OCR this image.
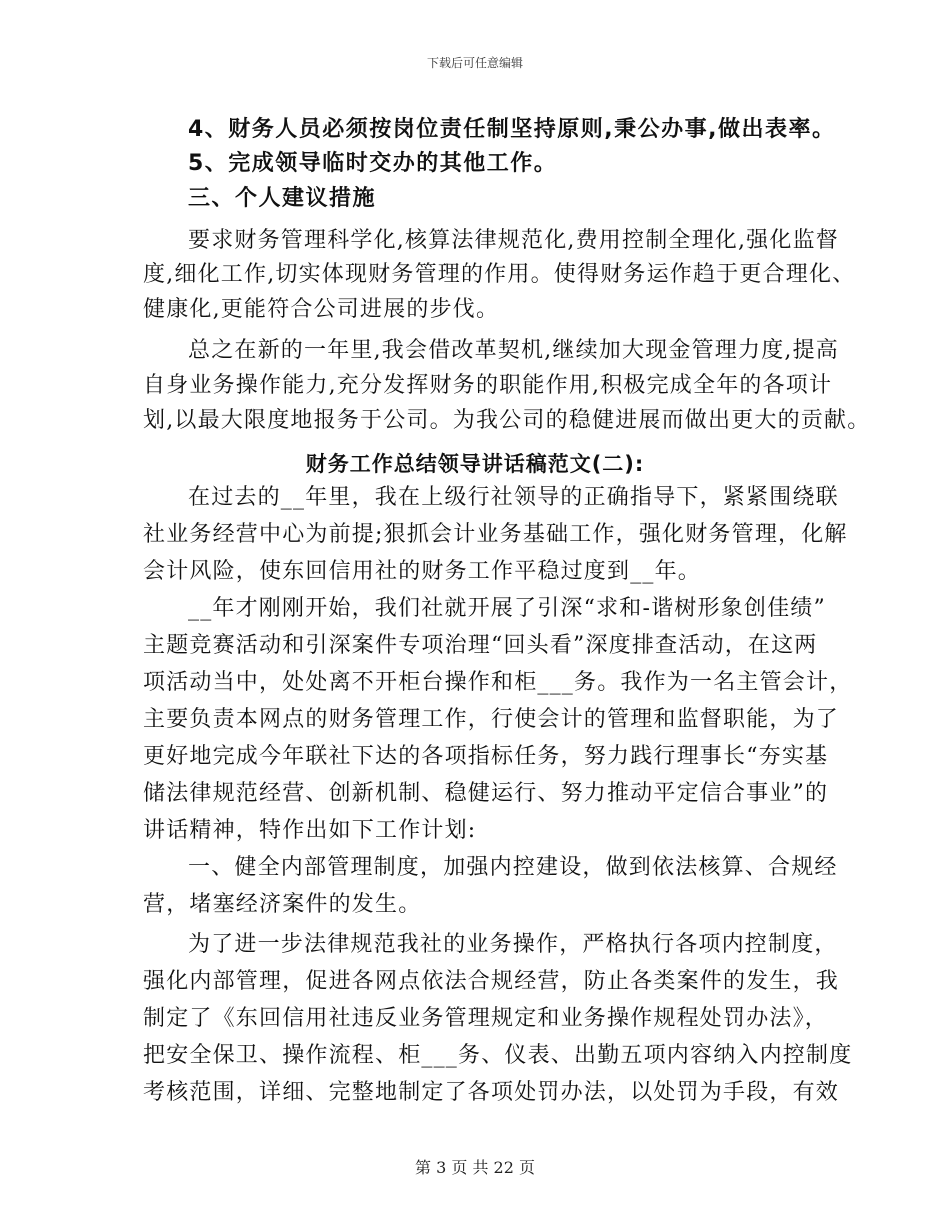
下载后可任意编辑
4、财务人员必须按岗位责任制坚持原则,秉公办事,做出表率。
5、完成领导临时交办的其他工作。
三、个人建议措施
要求财务管理科学化,核算法律规范化,费用控制全理化,强化监督
度,细化工作,切实体现财务管理的作用。使得财务运作趋于更合理化、
健康化,更能符合公司进展的步伐。
总之在新的一年里,我会借改革契机,继续加大现金管理力度,提高
自身业务操作能力,充分发挥财务的职能作用,积极完成全年的各项计
划,以最大限度地报务于公司。为我公司的稳健进展而做出更大的贡献。
财务工作总结领导讲话稿范文(二):
在过去的__年里，我在上级行社领导的正确指导下，紧紧围绕联
社业务经营中心为前提;狠抓会计业务基础工作，强化财务管理，化解
会计风险，使东回信用社的财务工作平稳过度到__年。
__年才刚刚开始，我们社就开展了引深“求和-谐树形象创佳绩”
主题竞赛活动和引深案件专项治理“回头看”深度排查活动，在这两
项活动当中，处处离不开柜台操作和柜___务。我作为一名主管会计，
主要负责本网点的财务管理工作，行使会计的管理和监督职能，为了
更好地完成今年联社下达的各项指标任务，努力践行理事长“夯实基
储法律规范经营、创新机制、稳健运行、努力推动平定信合事业”的
讲话精神，特作出如下工作计划:
一、健全内部管理制度，加强内控建设，做到依法核算、合规经
营，堵塞经济案件的发生。
为了进一步法律规范我社的业务操作，严格执行各项内控制度，
强化内部管理，促进各网点依法合规经营，防止各类案件的发生，我
制定了《东回信用社违反业务管理规定和业务操作规程处罚办法》，
把安全保卫、操作流程、柜___务、仪表、出勤五项内容纳入内控制度
考核范围，详细、完整地制定了各项处罚办法，以处罚为手段，有效
第 3 页 共 22 页
